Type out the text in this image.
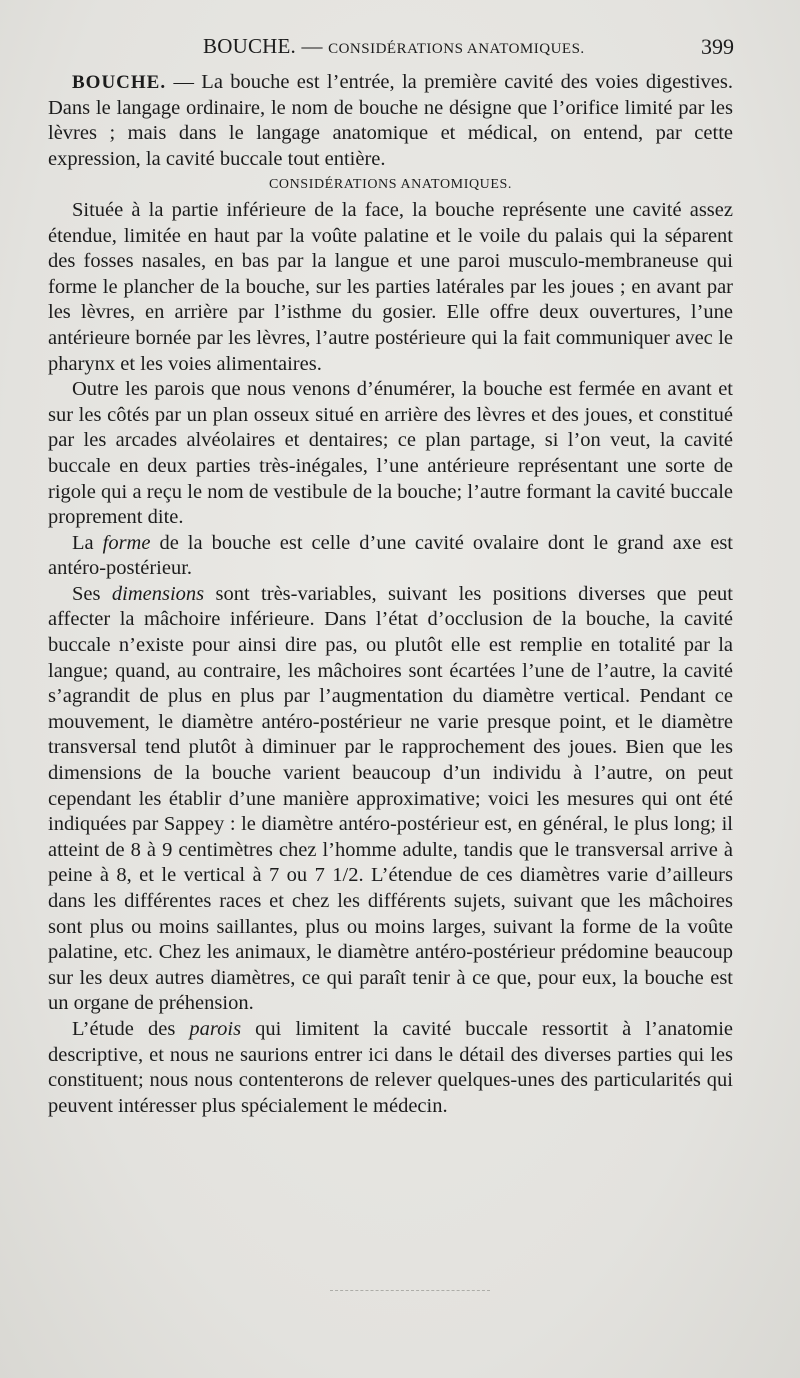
BOUCHE. — CONSIDÉRATIONS ANATOMIQUES.	399

BOUCHE. — La bouche est l’entrée, la première cavité des voies digestives. Dans le langage ordinaire, le nom de bouche ne désigne que l’orifice limité par les lèvres ; mais dans le langage anatomique et médical, on entend, par cette expression, la cavité buccale tout entière.

CONSIDÉRATIONS ANATOMIQUES.

Située à la partie inférieure de la face, la bouche représente une cavité assez étendue, limitée en haut par la voûte palatine et le voile du palais qui la séparent des fosses nasales, en bas par la langue et une paroi musculo-membraneuse qui forme le plancher de la bouche, sur les parties latérales par les joues ; en avant par les lèvres, en arrière par l’isthme du gosier. Elle offre deux ouvertures, l’une antérieure bornée par les lèvres, l’autre postérieure qui la fait communiquer avec le pharynx et les voies alimentaires.

Outre les parois que nous venons d’énumérer, la bouche est fermée en avant et sur les côtés par un plan osseux situé en arrière des lèvres et des joues, et constitué par les arcades alvéolaires et dentaires; ce plan partage, si l’on veut, la cavité buccale en deux parties très-inégales, l’une antérieure représentant une sorte de rigole qui a reçu le nom de vestibule de la bouche; l’autre formant la cavité buccale proprement dite.

La forme de la bouche est celle d’une cavité ovalaire dont le grand axe est antéro-postérieur.

Ses dimensions sont très-variables, suivant les positions diverses que peut affecter la mâchoire inférieure. Dans l’état d’occlusion de la bouche, la cavité buccale n’existe pour ainsi dire pas, ou plutôt elle est remplie en totalité par la langue; quand, au contraire, les mâchoires sont écartées l’une de l’autre, la cavité s’agrandit de plus en plus par l’augmentation du diamètre vertical. Pendant ce mouvement, le diamètre antéro-postérieur ne varie presque point, et le diamètre transversal tend plutôt à diminuer par le rapprochement des joues. Bien que les dimensions de la bouche varient beaucoup d’un individu à l’autre, on peut cependant les établir d’une manière approximative; voici les mesures qui ont été indiquées par Sappey : le diamètre antéro-postérieur est, en général, le plus long; il atteint de 8 à 9 centimètres chez l’homme adulte, tandis que le transversal arrive à peine à 8, et le vertical à 7 ou 7 1/2. L’étendue de ces diamètres varie d’ailleurs dans les différentes races et chez les différents sujets, suivant que les mâchoires sont plus ou moins saillantes, plus ou moins larges, suivant la forme de la voûte palatine, etc. Chez les animaux, le diamètre antéro-postérieur prédomine beaucoup sur les deux autres diamètres, ce qui paraît tenir à ce que, pour eux, la bouche est un organe de préhension.

L’étude des parois qui limitent la cavité buccale ressortit à l’anatomie descriptive, et nous ne saurions entrer ici dans le détail des diverses parties qui les constituent; nous nous contenterons de relever quelques-unes des particularités qui peuvent intéresser plus spécialement le médecin.
